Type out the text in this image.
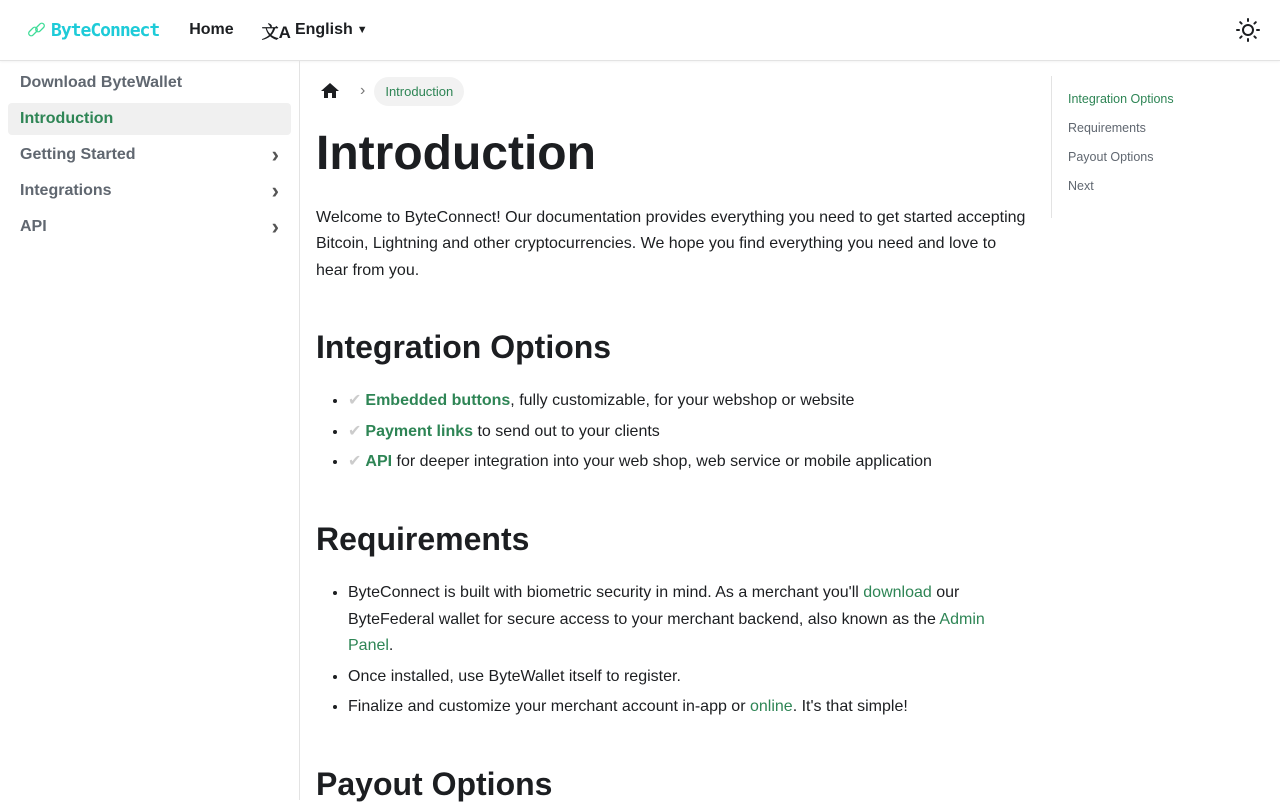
ByteConnect Home 文A English ▼
Download ByteWallet
Introduction
Getting Started	›
Integrations	›
API	›
›	Introduction
Introduction

Welcome to ByteConnect! Our documentation provides everything you need to get started accepting Bitcoin, Lightning and other cryptocurrencies. We hope you find everything you need and love to hear from you.

Integration Options
• ✔ Embedded buttons, fully customizable, for your webshop or website
• ✔ Payment links to send out to your clients
• ✔ API for deeper integration into your web shop, web service or mobile application
Requirements
• ByteConnect is built with biometric security in mind. As a merchant you'll download our ByteFederal wallet for secure access to your merchant backend, also known as the Admin Panel.
• Once installed, use ByteWallet itself to register.
• Finalize and customize your merchant account in-app or online. It's that simple!
Payout Options
Integration Options
Requirements
Payout Options
Next
